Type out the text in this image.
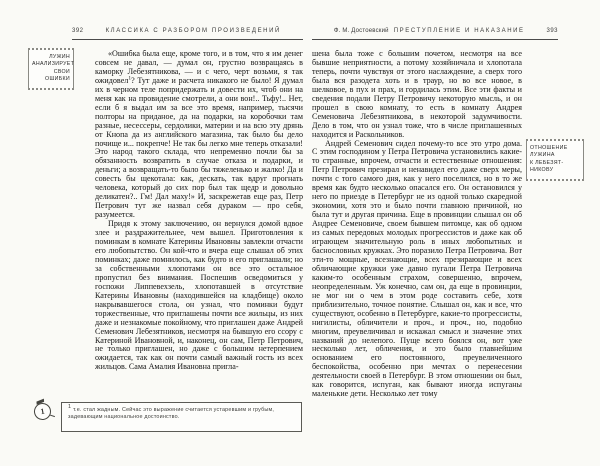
392	КЛАССИКА С РАЗБОРОМ ПРОИЗВЕДЕНИЙ
ЛУЖИН
АНАЛИЗИРУЕТ
СВОИ ОШИБКИ

«Ошибка была еще, кроме того, и в том, что я им денег совсем не давал, — думал он, грустно возвращаясь в каморку Лебезятникова, — и с чего, черт возьми, я так ожидовел$^1$? Тут даже и расчета никакого не было! Я думал их в черном теле попридержать и довести их, чтоб они на меня как на провидение смотрели, а они вон!.. Тьфу!.. Нет, если б я выдал им за все это время, например, тысячи полторы на приданое, да на подарки, на коробочки там разные, несессеры, сердолики, материи и на всю эту дрянь от Кнопа да из английского магазина, так было бы дело почище и... покрепче! Не так бы легко мне теперь отказали! Это народ такого склада, что непременно почли бы за обязанность возвратить в случае отказа и подарки, и деньги; а возвращать-то было бы тяжеленько и жалко! Да и совесть бы щекотала: как, дескать, так вдруг прогнать человека, который до сих пор был так щедр и довольно деликатен?.. Гм! Дал маху!» И, заскрежетав еще раз, Петр Петрович тут же назвал себя дураком — про себя, разумеется.

Придя к этому заключению, он вернулся домой вдвое злее и раздражительнее, чем вышел. Приготовления к поминкам в комнате Катерины Ивановны завлекли отчасти его любопытство. Он кой-что и вчера еще слышал об этих поминках; даже помнилось, как будто и его приглашали; но за собственными хлопотами он все это остальное пропустил без внимания. Поспешив осведомиться у госпожи Липпевехзель, хлопотавшей в отсутствие Катерины Ивановны (находившейся на кладбище) около накрывавшегося стола, он узнал, что поминки будут торжественные, что приглашены почти все жильцы, из них даже и незнакомые покойному, что приглашен даже Андрей Семенович Лебезятников, несмотря на бывшую его ссору с Катериной Ивановной, и, наконец, он сам, Петр Петрович, не только приглашен, но даже с большим нетерпением ожидается, так как он почти самый важный гость из всех жильцов. Сама Амалия Ивановна пригла-

1	$^1$ т.е. стал жадным. Сейчас это выражение считается устаревшим и грубым, задевающим национальное достоинство.
Ф. М. Достоевский ПРЕСТУПЛЕНИЕ И НАКАЗАНИЕ	393

шена была тоже с большим почетом, несмотря на все бывшие неприятности, а потому хозяйничала и хлопотала теперь, почти чувствуя от этого наслаждение, а сверх того была вся разодета хоть и в траур, но во все новое, в шелковое, в пух и прах, и гордилась этим. Все эти факты и сведения подали Петру Петровичу некоторую мысль, и он прошел в свою комнату, то есть в комнату Андрея Семеновича Лебезятникова, в некоторой задумчивости. Дело в том, что он узнал тоже, что в числе приглашенных находится и Раскольников.

Андрей Семенович сидел почему-то все это утро дома. С этим господином у Петра Петровича установились какие-то странные, впрочем, отчасти и естественные отношения: Петр Петрович презирал и ненавидел его даже сверх меры, почти с того самого дня, как у него поселился, но в то же время как будто несколько опасался его. Он остановился у него по приезде в Петербург не из одной только скаредной экономии, хотя это и было почти главною причиной, но была тут и другая причина. Еще в провинции слышал он об Андрее Семеновиче, своем бывшем питомце, как об одном из самых передовых молодых прогрессистов и даже как об играющем значительную роль в иных любопытных и баснословных кружках. Это поразило Петра Петровича. Вот эти-то мощные, всезнающие, всех презирающие и всех обличающие кружки уже давно пугали Петра Петровича каким-то особенным страхом, совершенно, впрочем, неопределенным. Уж конечно, сам он, да еще в провинции, не мог ни о чем в этом роде составить себе, хотя приблизительно, точное понятие. Слышал он, как и все, что существуют, особенно в Петербурге, какие-то прогрессисты, нигилисты, обличители и проч., и проч., но, подобно многим, преувеличивал и искажал смысл и значение этих названий до нелепого. Пуще всего боялся он, вот уже несколько лет, обличения, и это было главнейшим основанием его постоянного, преувеличенного беспокойства, особенно при мечтах о перенесении деятельности своей в Петербург. В этом отношении он был, как говорится, испуган, как бывают иногда испуганы маленькие дети. Несколько лет тому

ОТНОШЕНИЕ
ЛУЖИНА
К ЛЕБЕЗЯТ-
НИКОВУ
